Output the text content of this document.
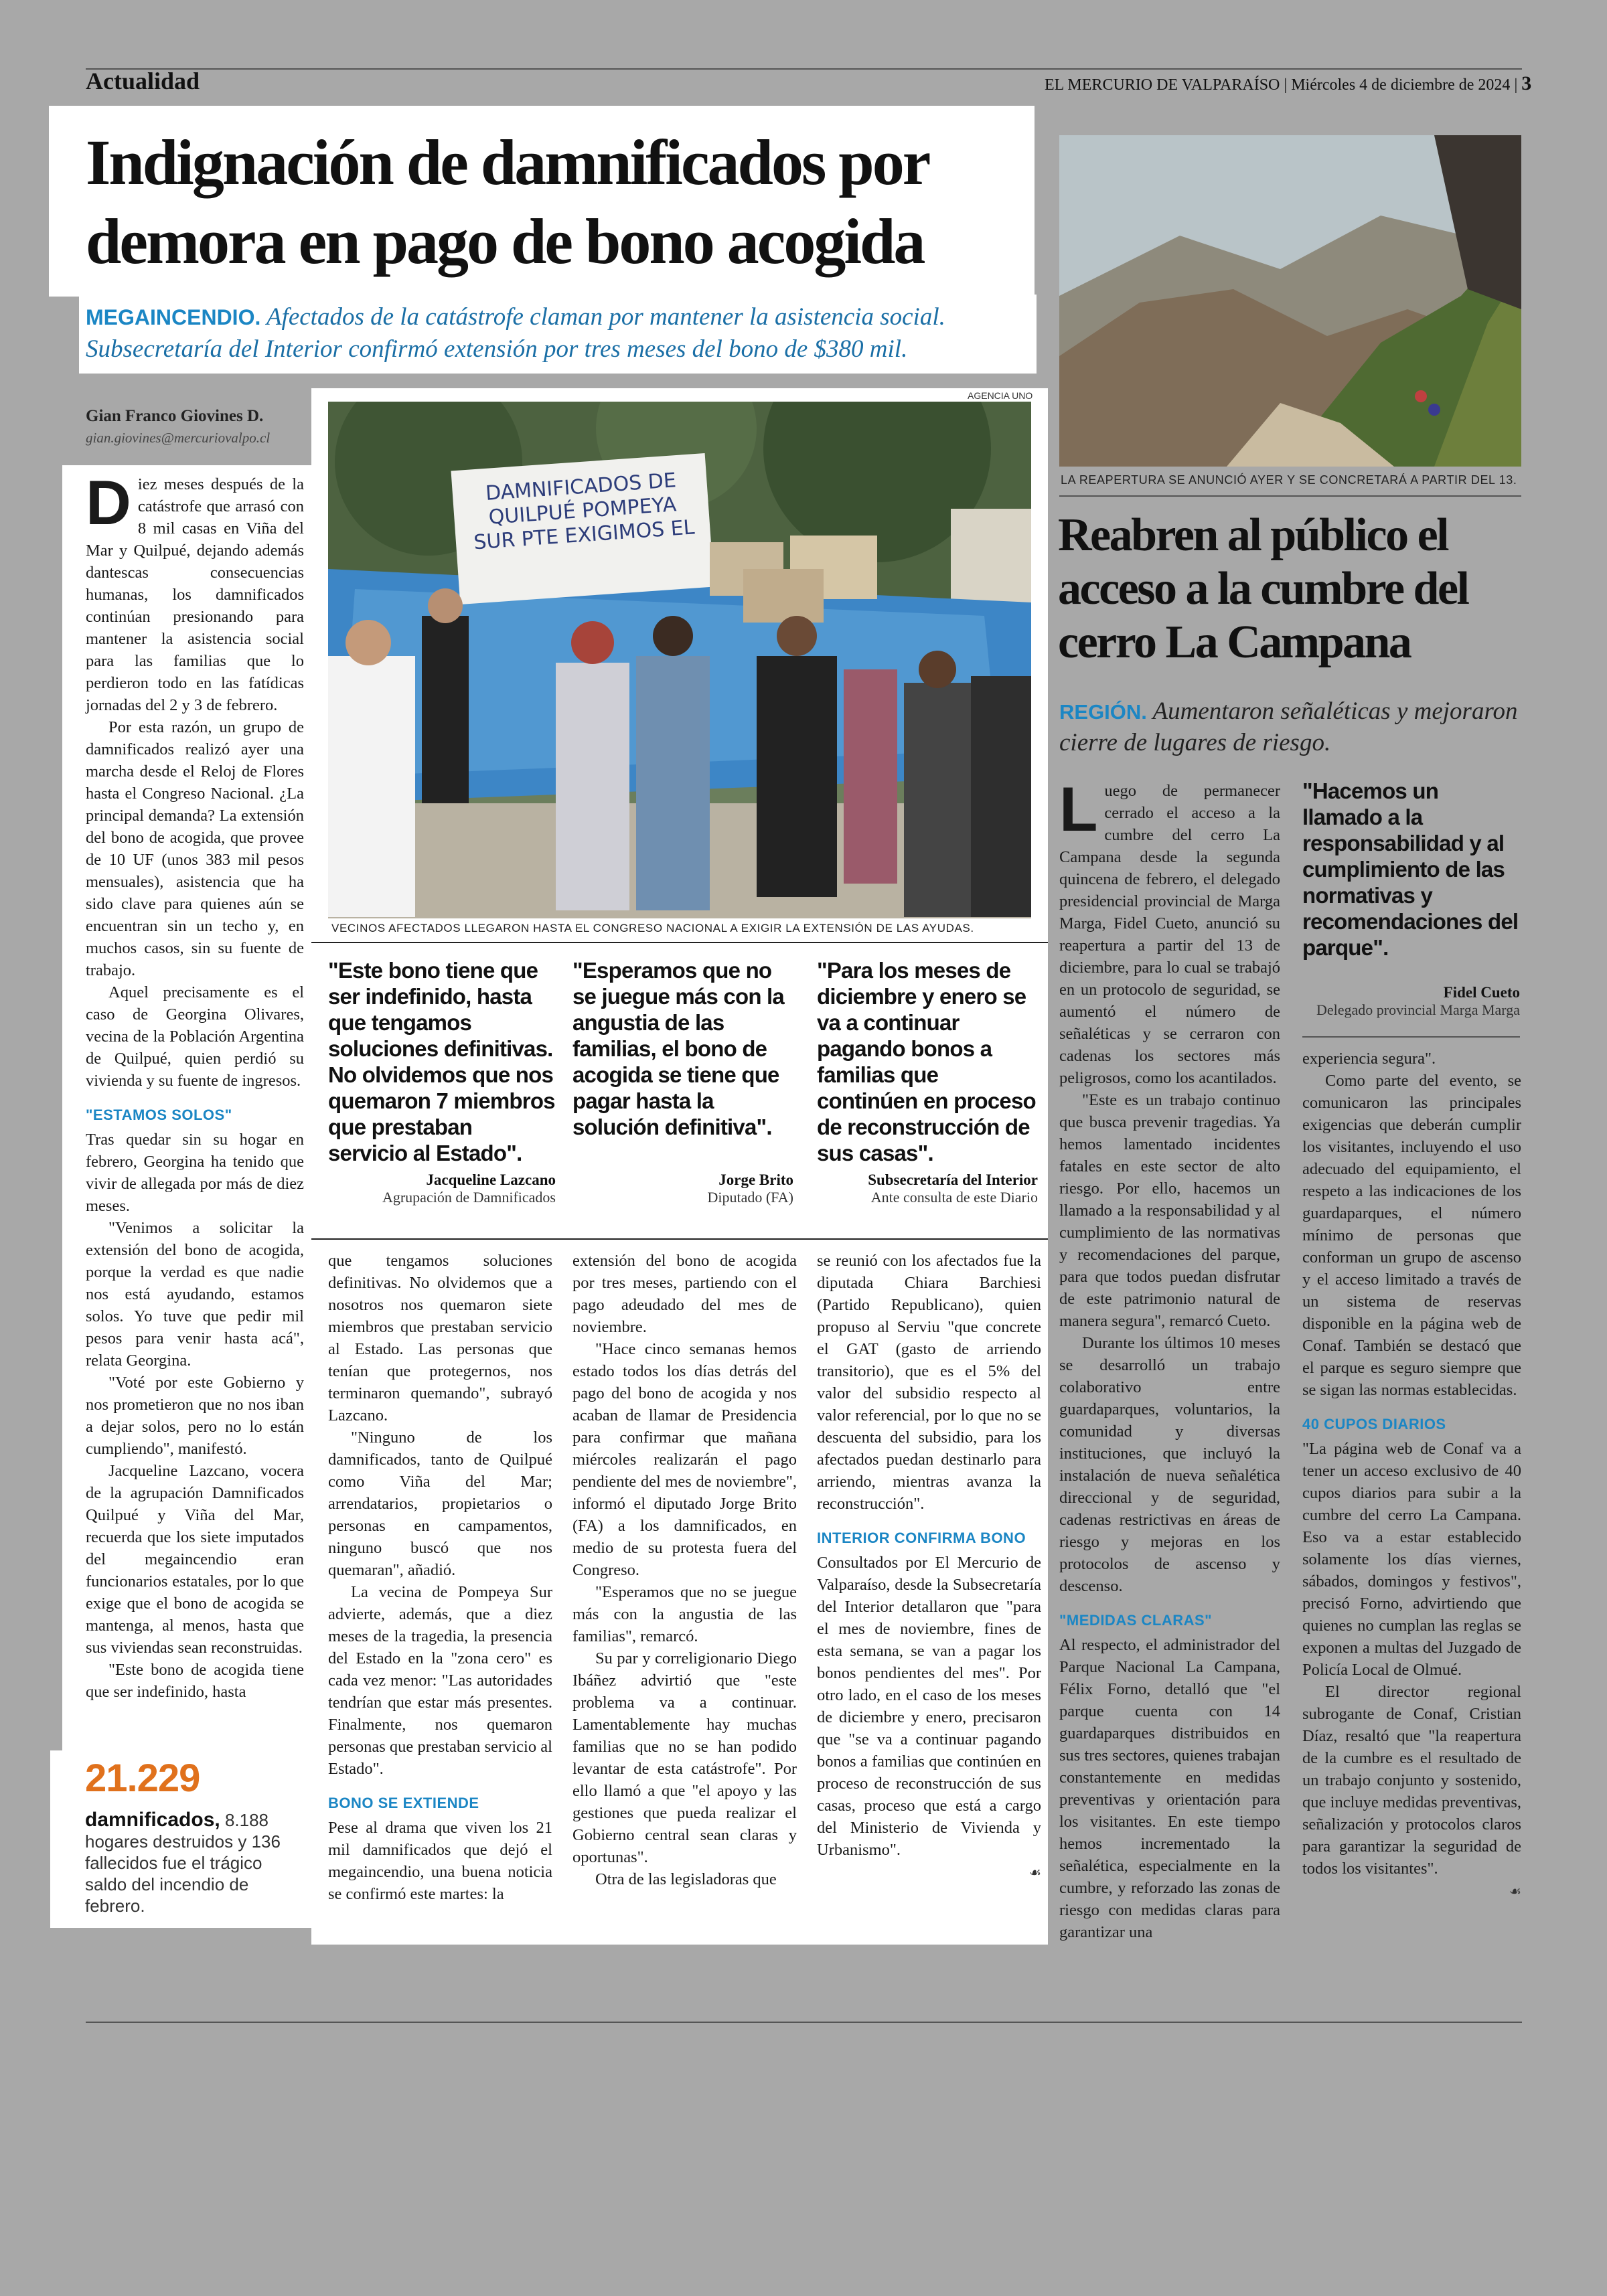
Actualidad	EL MERCURIO DE VALPARAÍSO | Miércoles 4 de diciembre de 2024 | 3
Indignación de damnificados por
demora en pago de bono acogida
MEGAINCENDIO. Afectados de la catástrofe claman por mantener la asistencia social.
Subsecretaría del Interior confirmó extensión por tres meses del bono de $380 mil.
Gian Franco Giovines D.
gian.giovines@mercuriovalpo.cl

Diez meses después de la catástrofe que arrasó con 8 mil casas en Viña del Mar y Quilpué, dejando además dantescas consecuencias humanas, los damnificados continúan presionando para mantener la asistencia social para las familias que lo perdieron todo en las fatídicas jornadas del 2 y 3 de febrero.

Por esta razón, un grupo de damnificados realizó ayer una marcha desde el Reloj de Flores hasta el Congreso Nacional. ¿La principal demanda? La extensión del bono de acogida, que provee de 10 UF (unos 383 mil pesos mensuales), asistencia que ha sido clave para quienes aún se encuentran sin un techo y, en muchos casos, sin su fuente de trabajo.

Aquel precisamente es el caso de Georgina Olivares, vecina de la Población Argentina de Quilpué, quien perdió su vivienda y su fuente de ingresos.

"ESTAMOS SOLOS"

Tras quedar sin su hogar en febrero, Georgina ha tenido que vivir de allegada por más de diez meses.

"Venimos a solicitar la extensión del bono de acogida, porque la verdad es que nadie nos está ayudando, estamos solos. Yo tuve que pedir mil pesos para venir hasta acá", relata Georgina.

"Voté por este Gobierno y nos prometieron que no nos iban a dejar solos, pero no lo están cumpliendo", manifestó.

Jacqueline Lazcano, vocera de la agrupación Damnificados Quilpué y Viña del Mar, recuerda que los siete imputados del megaincendio eran funcionarios estatales, por lo que exige que el bono de acogida se mantenga, al menos, hasta que sus viviendas sean reconstruidas.

"Este bono de acogida tiene que ser indefinido, hasta

21.229
damnificados, 8.188 hogares destruidos y 136 fallecidos fue el trágico saldo del incendio de febrero.
AGENCIA UNO
DAMNIFICADOS DE QUILPUÉ POMPEYA SUR PTE EXIGIMOS EL
VECINOS AFECTADOS LLEGARON HASTA EL CONGRESO NACIONAL A EXIGIR LA EXTENSIÓN DE LAS AYUDAS.
"Este bono tiene que ser indefinido, hasta que tengamos soluciones definitivas. No olvidemos que nos quemaron 7 miembros que prestaban servicio al Estado".
Jacqueline Lazcano
Agrupación de Damnificados
"Esperamos que no se juegue más con la angustia de las familias, el bono de acogida se tiene que pagar hasta la solución definitiva".
Jorge Brito
Diputado (FA)
"Para los meses de diciembre y enero se va a continuar pagando bonos a familias que continúen en proceso de reconstrucción de sus casas".
Subsecretaría del Interior
Ante consulta de este Diario

que tengamos soluciones definitivas. No olvidemos que a nosotros nos quemaron siete miembros que prestaban servicio al Estado. Las personas que tenían que protegernos, nos terminaron quemando", subrayó Lazcano.

"Ninguno de los damnificados, tanto de Quilpué como Viña del Mar; arrendatarios, propietarios o personas en campamentos, ninguno buscó que nos quemaran", añadió.

La vecina de Pompeya Sur advierte, además, que a diez meses de la tragedia, la presencia del Estado en la "zona cero" es cada vez menor: "Las autoridades tendrían que estar más presentes. Finalmente, nos quemaron personas que prestaban servicio al Estado".

BONO SE EXTIENDE

Pese al drama que viven los 21 mil damnificados que dejó el megaincendio, una buena noticia se confirmó este martes: la

extensión del bono de acogida por tres meses, partiendo con el pago adeudado del mes de noviembre.

"Hace cinco semanas hemos estado todos los días detrás del pago del bono de acogida y nos acaban de llamar de Presidencia para confirmar que mañana miércoles realizarán el pago pendiente del mes de noviembre", informó el diputado Jorge Brito (FA) a los damnificados, en medio de su protesta fuera del Congreso.

"Esperamos que no se juegue más con la angustia de las familias", remarcó.

Su par y correligionario Diego Ibáñez advirtió que "este problema va a continuar. Lamentablemente hay muchas familias que no se han podido levantar de esta catástrofe". Por ello llamó a que "el apoyo y las gestiones que pueda realizar el Gobierno central sean claras y oportunas".

Otra de las legisladoras que

se reunió con los afectados fue la diputada Chiara Barchiesi (Partido Republicano), quien propuso al Serviu "que concrete el GAT (gasto de arriendo transitorio), que es el 5% del valor del subsidio respecto al valor referencial, por lo que no se descuenta del subsidio, para los afectados puedan destinarlo para arriendo, mientras avanza la reconstrucción".

INTERIOR CONFIRMA BONO

Consultados por El Mercurio de Valparaíso, desde la Subsecretaría del Interior detallaron que "para el mes de noviembre, fines de esta semana, se van a pagar los bonos pendientes del mes". Por otro lado, en el caso de los meses de diciembre y enero, precisaron que "se va a continuar pagando bonos a familias que continúen en proceso de reconstrucción de sus casas, proceso que está a cargo del Ministerio de Vivienda y Urbanismo".

☙

LA REAPERTURA SE ANUNCIÓ AYER Y SE CONCRETARÁ A PARTIR DEL 13.
Reabren al público el
acceso a la cumbre del
cerro La Campana
REGIÓN. Aumentaron señaléticas y mejoraron cierre de lugares de riesgo.

Luego de permanecer cerrado el acceso a la cumbre del cerro La Campana desde la segunda quincena de febrero, el delegado presidencial provincial de Marga Marga, Fidel Cueto, anunció su reapertura a partir del 13 de diciembre, para lo cual se trabajó en un protocolo de seguridad, se aumentó el número de señaléticas y se cerraron con cadenas los sectores más peligrosos, como los acantilados.

"Este es un trabajo continuo que busca prevenir tragedias. Ya hemos lamentado incidentes fatales en este sector de alto riesgo. Por ello, hacemos un llamado a la responsabilidad y al cumplimiento de las normativas y recomendaciones del parque, para que todos puedan disfrutar de este patrimonio natural de manera segura", remarcó Cueto.

Durante los últimos 10 meses se desarrolló un trabajo colaborativo entre guardaparques, voluntarios, la comunidad y diversas instituciones, que incluyó la instalación de nueva señalética direccional y de seguridad, cadenas restrictivas en áreas de riesgo y mejoras en los protocolos de ascenso y descenso.

"MEDIDAS CLARAS"

Al respecto, el administrador del Parque Nacional La Campana, Félix Forno, detalló que "el parque cuenta con 14 guardaparques distribuidos en sus tres sectores, quienes trabajan constantemente en medidas preventivas y orientación para los visitantes. En este tiempo hemos incrementado la señalética, especialmente en la cumbre, y reforzado las zonas de riesgo con medidas claras para garantizar una

"Hacemos un llamado a la responsabilidad y al cumplimiento de las normativas y recomendaciones del parque".
Fidel Cueto
Delegado provincial Marga Marga

experiencia segura".

Como parte del evento, se comunicaron las principales exigencias que deberán cumplir los visitantes, incluyendo el uso adecuado del equipamiento, el respeto a las indicaciones de los guardaparques, el número mínimo de personas que conforman un grupo de ascenso y el acceso limitado a través de un sistema de reservas disponible en la página web de Conaf. También se destacó que el parque es seguro siempre que se sigan las normas establecidas.

40 CUPOS DIARIOS

"La página web de Conaf va a tener un acceso exclusivo de 40 cupos diarios para subir a la cumbre del cerro La Campana. Eso va a estar establecido solamente los días viernes, sábados, domingos y festivos", precisó Forno, advirtiendo que quienes no cumplan las reglas se exponen a multas del Juzgado de Policía Local de Olmué.

El director regional subrogante de Conaf, Cristian Díaz, resaltó que "la reapertura de la cumbre es el resultado de un trabajo conjunto y sostenido, que incluye medidas preventivas, señalización y protocolos claros para garantizar la seguridad de todos los visitantes".

☙
